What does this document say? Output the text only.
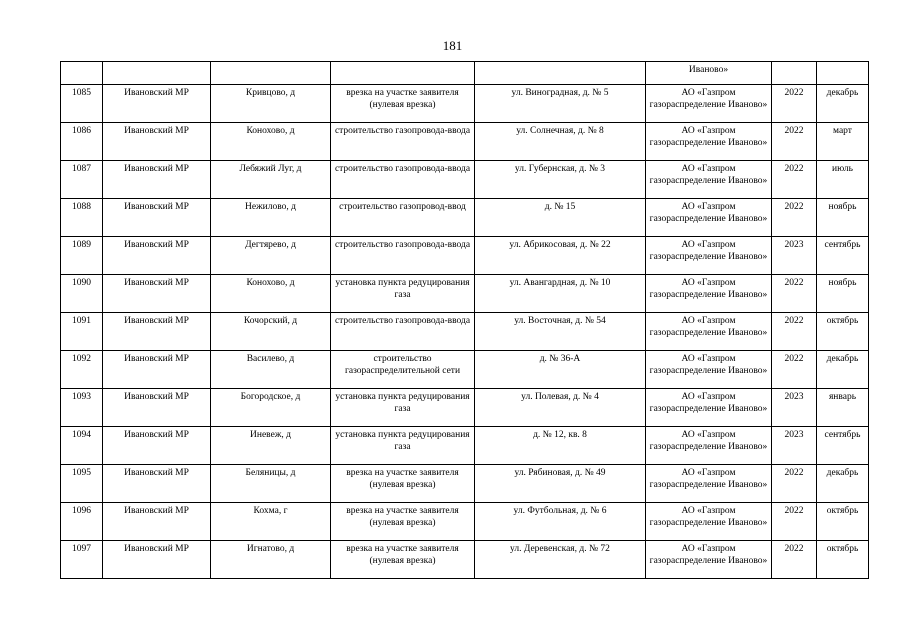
181
					Иваново»		
1085	Ивановский МР	Кривцово, д	врезка на участке заявителя (нулевая врезка)	ул. Виноградная, д. № 5	АО «Газпром газораспределение Иваново»	2022	декабрь
1086	Ивановский МР	Конохово, д	строительство газопровода-ввода	ул. Солнечная, д. № 8	АО «Газпром газораспределение Иваново»	2022	март
1087	Ивановский МР	Лебяжий Луг, д	строительство газопровода-ввода	ул. Губернская, д. № 3	АО «Газпром газораспределение Иваново»	2022	июль
1088	Ивановский МР	Нежилово, д	строительство газопровод-ввод	д. № 15	АО «Газпром газораспределение Иваново»	2022	ноябрь
1089	Ивановский МР	Дегтярево, д	строительство газопровода-ввода	ул. Абрикосовая, д. № 22	АО «Газпром газораспределение Иваново»	2023	сентябрь
1090	Ивановский МР	Конохово, д	установка пункта редуцирования газа	ул. Авангардная, д. № 10	АО «Газпром газораспределение Иваново»	2022	ноябрь
1091	Ивановский МР	Кочорский, д	строительство газопровода-ввода	ул. Восточная, д. № 54	АО «Газпром газораспределение Иваново»	2022	октябрь
1092	Ивановский МР	Василево, д	строительство газораспределительной сети	д. № 36-А	АО «Газпром газораспределение Иваново»	2022	декабрь
1093	Ивановский МР	Богородское, д	установка пункта редуцирования газа	ул. Полевая, д. № 4	АО «Газпром газораспределение Иваново»	2023	январь
1094	Ивановский МР	Иневеж, д	установка пункта редуцирования газа	д. № 12, кв. 8	АО «Газпром газораспределение Иваново»	2023	сентябрь
1095	Ивановский МР	Беляницы, д	врезка на участке заявителя (нулевая врезка)	ул. Рябиновая, д. № 49	АО «Газпром газораспределение Иваново»	2022	декабрь
1096	Ивановский МР	Кохма, г	врезка на участке заявителя (нулевая врезка)	ул. Футбольная, д. № 6	АО «Газпром газораспределение Иваново»	2022	октябрь
1097	Ивановский МР	Игнатово, д	врезка на участке заявителя (нулевая врезка)	ул. Деревенская, д. № 72	АО «Газпром газораспределение Иваново»	2022	октябрь
